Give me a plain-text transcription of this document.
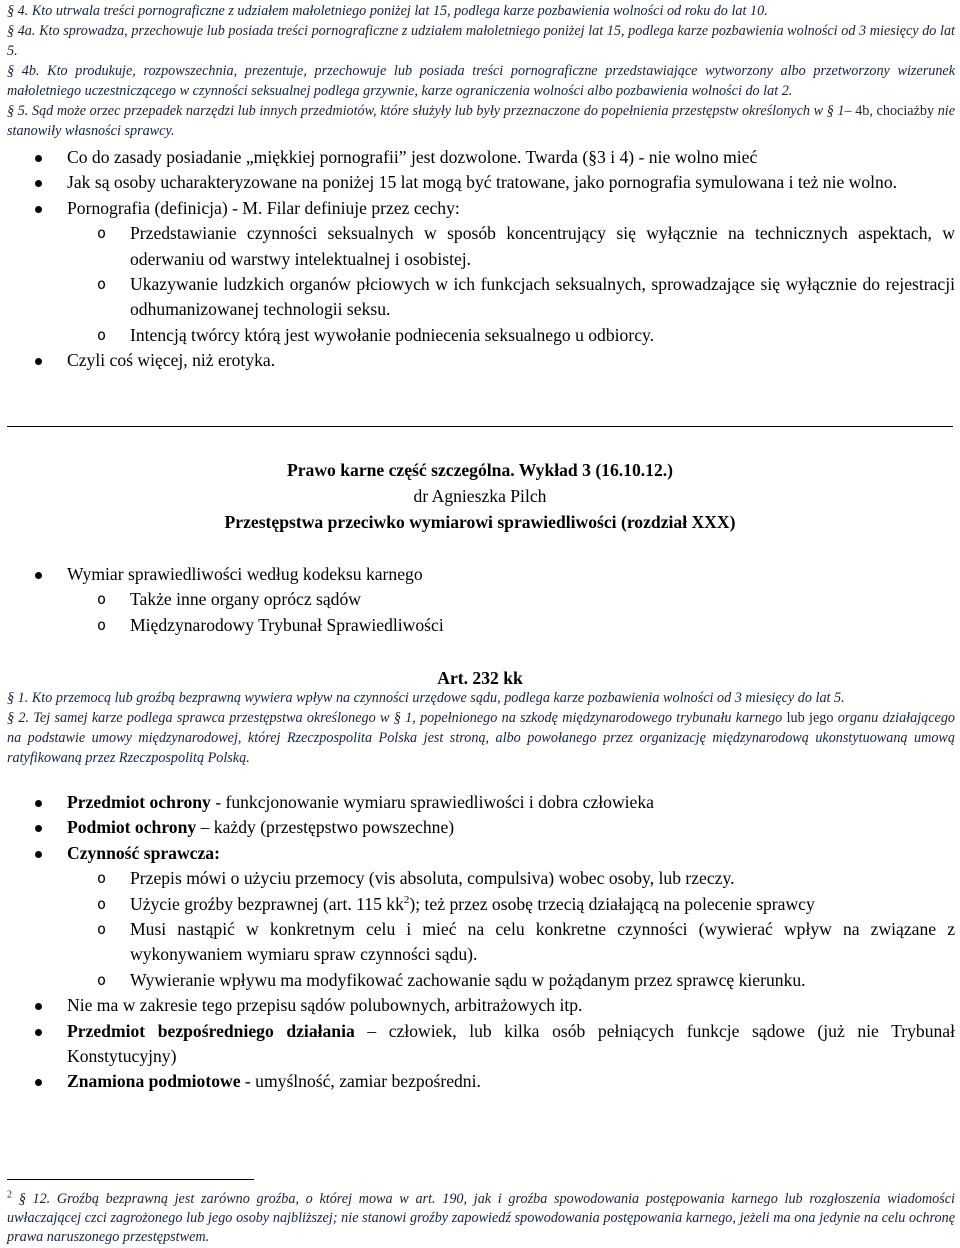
§ 4. Kto utrwala treści pornograficzne z udziałem małoletniego poniżej lat 15, podlega karze pozbawienia wolności od roku do lat 10.

§ 4a. Kto sprowadza, przechowuje lub posiada treści pornograficzne z udziałem małoletniego poniżej lat 15, podlega karze pozbawienia wolności od 3 miesięcy do lat 5.

§ 4b. Kto produkuje, rozpowszechnia, prezentuje, przechowuje lub posiada treści pornograficzne przedstawiające wytworzony albo przetworzony wizerunek małoletniego uczestniczącego w czynności seksualnej podlega grzywnie, karze ograniczenia wolności albo pozbawienia wolności do lat 2.

§ 5. Sąd może orzec przepadek narzędzi lub innych przedmiotów, które służyły lub były przeznaczone do popełnienia przestępstw określonych w § 1– 4b, chociażby nie stanowiły własności sprawcy.

Co do zasady posiadanie „miękkiej pornografii” jest dozwolone. Twarda (§3 i 4) - nie wolno mieć
Jak są osoby ucharakteryzowane na poniżej 15 lat mogą być tratowane, jako pornografia symulowana i też nie wolno.
Pornografia (definicja) - M. Filar definiuje przez cechy:
o Przedstawianie czynności seksualnych w sposób koncentrujący się wyłącznie na technicznych aspektach, w oderwaniu od warstwy intelektualnej i osobistej.
o Ukazywanie ludzkich organów płciowych w ich funkcjach seksualnych, sprowadzające się wyłącznie do rejestracji odhumanizowanej technologii seksu.
o Intencją twórcy którą jest wywołanie podniecenia seksualnego u odbiorcy.
Czyli coś więcej, niż erotyka.
Prawo karne część szczególna. Wykład 3 (16.10.12.)
dr Agnieszka Pilch
Przestępstwa przeciwko wymiarowi sprawiedliwości (rozdział XXX)
Wymiar sprawiedliwości według kodeksu karnego
o Także inne organy oprócz sądów
o Międzynarodowy Trybunał Sprawiedliwości
Art. 232 kk

§ 1. Kto przemocą lub groźbą bezprawną wywiera wpływ na czynności urzędowe sądu, podlega karze pozbawienia wolności od 3 miesięcy do lat 5.

§ 2. Tej samej karze podlega sprawca przestępstwa określonego w § 1, popełnionego na szkodę międzynarodowego trybunału karnego lub jego organu działającego na podstawie umowy międzynarodowej, której Rzeczpospolita Polska jest stroną, albo powołanego przez organizację międzynarodową ukonstytuowaną umową ratyfikowaną przez Rzeczpospolitą Polską.

Przedmiot ochrony - funkcjonowanie wymiaru sprawiedliwości i dobra człowieka
Podmiot ochrony – każdy (przestępstwo powszechne)
Czynność sprawcza:
o Przepis mówi o użyciu przemocy (vis absoluta, compulsiva) wobec osoby, lub rzeczy.
o Użycie groźby bezprawnej (art. 115 $kk^2$); też przez osobę trzecią działającą na polecenie sprawcy
o Musi nastąpić w konkretnym celu i mieć na celu konkretne czynności (wywierać wpływ na związane z wykonywaniem wymiaru spraw czynności sądu).
o Wywieranie wpływu ma modyfikować zachowanie sądu w pożądanym przez sprawcę kierunku.
Nie ma w zakresie tego przepisu sądów polubownych, arbitrażowych itp.
Przedmiot bezpośredniego działania – człowiek, lub kilka osób pełniących funkcje sądowe (już nie Trybunał Konstytucyjny)
Znamiona podmiotowe - umyślność, zamiar bezpośredni.
$^2$ § 12. Groźbą bezprawną jest zarówno groźba, o której mowa w art. 190, jak i groźba spowodowania postępowania karnego lub rozgłoszenia wiadomości uwłaczającej czci zagrożonego lub jego osoby najbliższej; nie stanowi groźby zapowiedź spowodowania postępowania karnego, jeżeli ma ona jedynie na celu ochronę prawa naruszonego przestępstwem.
